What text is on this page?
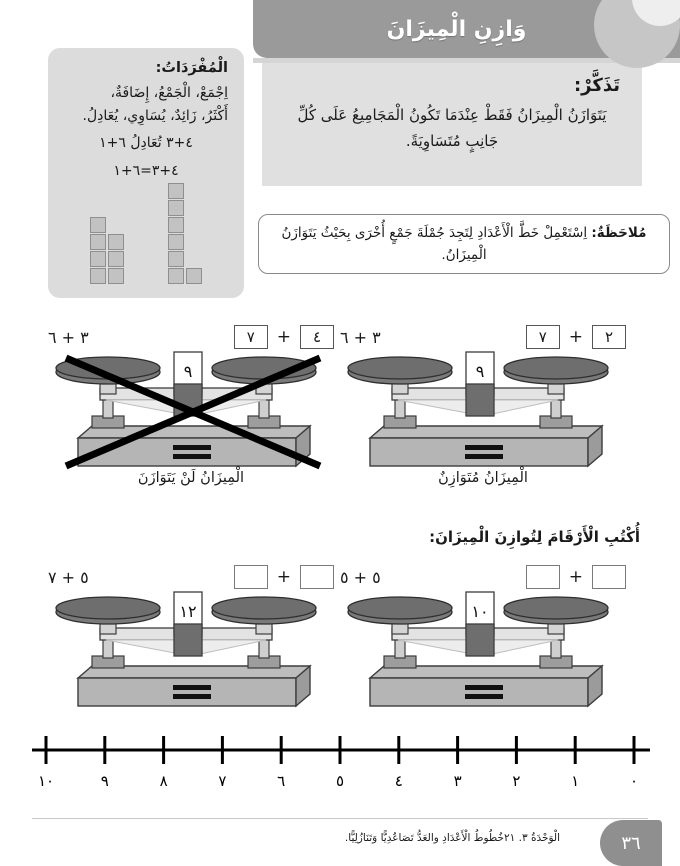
وَازِنِ الْمِيزَانَ
الْمُفْرَدَاتُ:
اِجْمَعْ، الْجَمْعُ، إِضَافَةٌ،
أَكْثَرُ، زَائِدٌ، يُسَاوِي، يُعَادِلُ.
٤+٣ تُعَادِلُ ٦+١
٤+٣=٦+١
تَذَكَّرْ:
يَتَوَازَنُ الْمِيزَانُ فَقَطْ عِنْدَمَا تَكُونُ الْمَجَامِيعُ عَلَى كُلِّ جَانِبٍ مُتَسَاوِيَةً.
مُلاحَظَةٌ: اِسْتَعْمِلْ خَطَّ الْأَعْدَادِ لِتَجِدَ جُمْلَةَ جَمْعٍ أُخْرَى بِحَيْثُ يَتَوَازَنُ الْمِيزَانُ.
٤
+
٧
٣ + ٦
٩
الْمِيزَانُ لَنْ يَتَوَازَنَ
٢
+
٧
٣ + ٦
٩
الْمِيزَانُ مُتَوَازِنٌ
أُكْتُبِ الْأَرْقَامَ لِتُوازِنَ الْمِيزَانَ:
+
٥ + ٧
١٢
+
٥ + ٥
١٠
١٠	٩	٨	٧	٦	٥	٤	٣	٢	١	٠
الْوَحْدَةُ ٣. ٢١خُطُوطُ الْأَعْدَادِ والعَدُّ تَصَاعُدِيًّا وَتَنَازُلِيًّا.	٣٦
